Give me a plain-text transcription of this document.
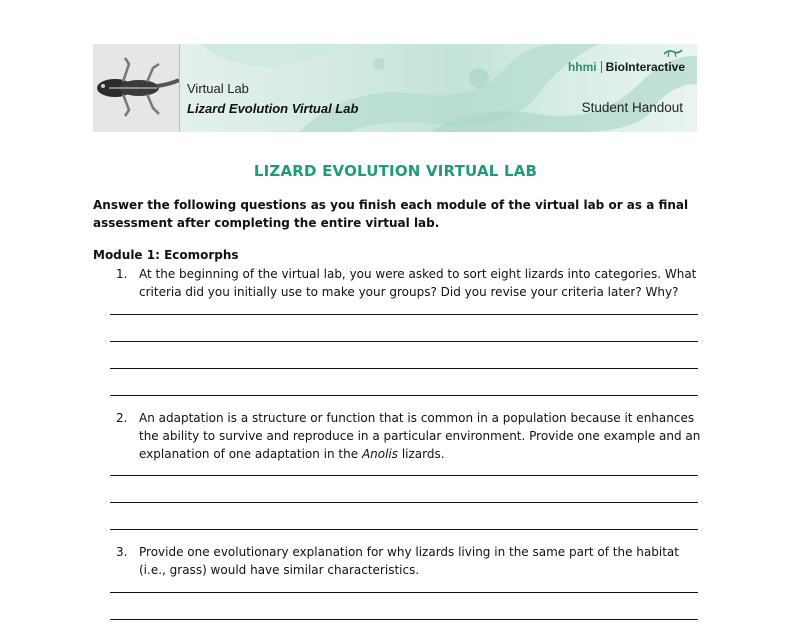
Virtual Lab
Lizard Evolution Virtual Lab	Student Handout
hhmi BioInteractive
LIZARD EVOLUTION VIRTUAL LAB
Answer the following questions as you finish each module of the virtual lab or as a final assessment after completing the entire virtual lab.
Module 1: Ecomorphs
1. At the beginning of the virtual lab, you were asked to sort eight lizards into categories. What criteria did you initially use to make your groups? Did you revise your criteria later? Why?
2. An adaptation is a structure or function that is common in a population because it enhances the ability to survive and reproduce in a particular environment. Provide one example and an explanation of one adaptation in the Anolis lizards.
3. Provide one evolutionary explanation for why lizards living in the same part of the habitat (i.e., grass) would have similar characteristics.
